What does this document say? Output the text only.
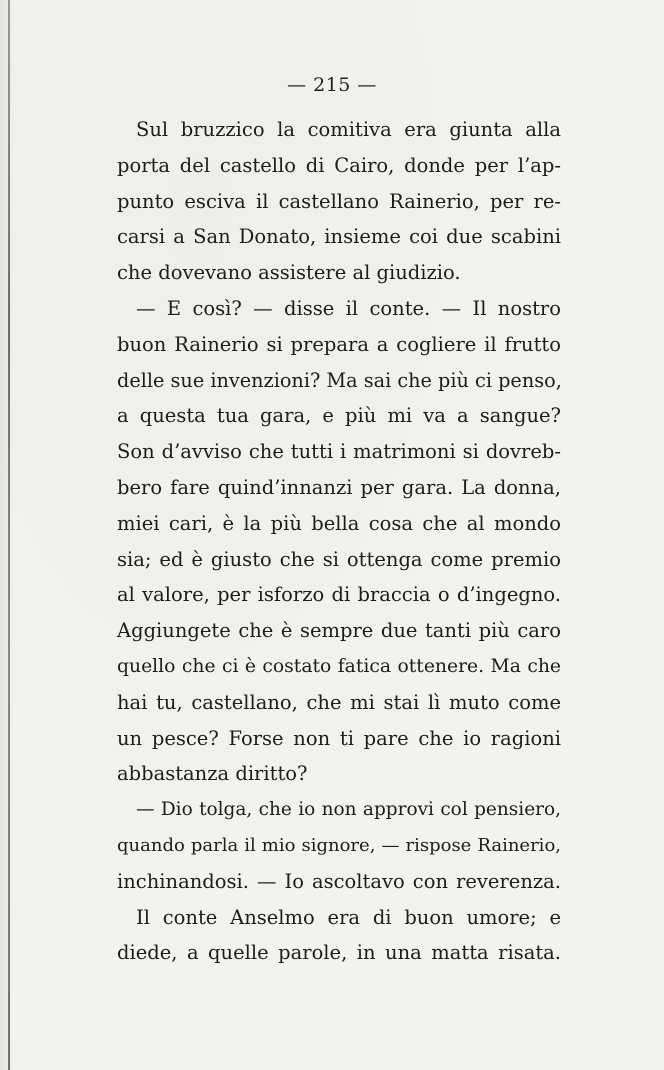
— 215 —
Sul bruzzico la comitiva era giunta alla
porta del castello di Cairo, donde per l’ap-
punto esciva il castellano Rainerio, per re-
carsi a San Donato, insieme coi due scabini
che dovevano assistere al giudizio.
— E così? — disse il conte. — Il nostro
buon Rainerio si prepara a cogliere il frutto
delle sue invenzioni? Ma sai che più ci penso,
a questa tua gara, e più mi va a sangue?
Son d’avviso che tutti i matrimoni si dovreb-
bero fare quind’innanzi per gara. La donna,
miei cari, è la più bella cosa che al mondo
sia; ed è giusto che si ottenga come premio
al valore, per isforzo di braccia o d’ingegno.
Aggiungete che è sempre due tanti più caro
quello che ci è costato fatica ottenere. Ma che
hai tu, castellano, che mi stai lì muto come
un pesce? Forse non ti pare che io ragioni
abbastanza diritto?
— Dio tolga, che io non approvi col pensiero,
quando parla il mio signore, — rispose Rainerio,
inchinandosi. — Io ascoltavo con reverenza.
Il conte Anselmo era di buon umore; e
diede, a quelle parole, in una matta risata.
